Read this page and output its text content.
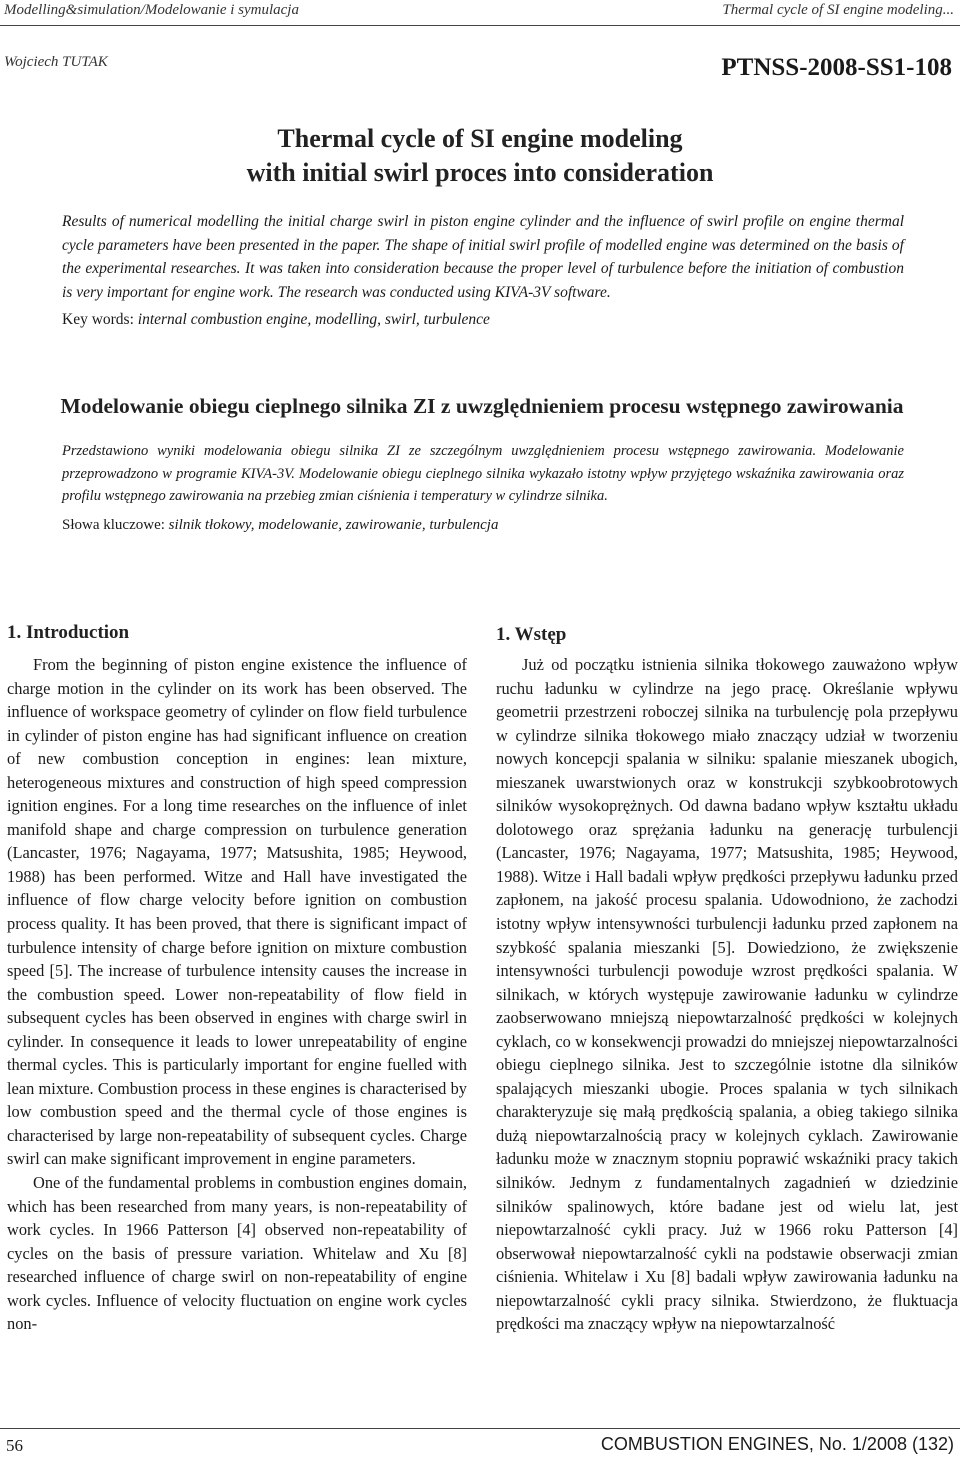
Modelling&simulation/Modelowanie i symulacja	Thermal cycle of SI engine modeling...
Wojciech TUTAK	PTNSS-2008-SS1-108
Thermal cycle of SI engine modeling
with initial swirl proces into consideration
Results of numerical modelling the initial charge swirl in piston engine cylinder and the influence of swirl profile on engine thermal cycle parameters have been presented in the paper. The shape of initial swirl profile of modelled engine was determined on the basis of the experimental researches. It was taken into consideration because the proper level of turbulence before the initiation of combustion is very important for engine work. The research was conducted using KIVA-3V software.
Key words: internal combustion engine, modelling, swirl, turbulence
Modelowanie obiegu cieplnego silnika ZI z uwzględnieniem procesu wstępnego zawirowania
Przedstawiono wyniki modelowania obiegu silnika ZI ze szczególnym uwzględnieniem procesu wstępnego zawirowania. Modelowanie przeprowadzono w programie KIVA-3V. Modelowanie obiegu cieplnego silnika wykazało istotny wpływ przyjętego wskaźnika zawirowania oraz profilu wstępnego zawirowania na przebieg zmian ciśnienia i temperatury w cylindrze silnika.
Słowa kluczowe: silnik tłokowy, modelowanie, zawirowanie, turbulencja
1. Introduction

From the beginning of piston engine existence the influence of charge motion in the cylinder on its work has been observed. The influence of workspace geometry of cylinder on flow field turbulence in cylinder of piston engine has had significant influence on creation of new combustion conception in engines: lean mixture, heterogeneous mixtures and construction of high speed compression ignition engines. For a long time researches on the influence of inlet manifold shape and charge compression on turbulence generation (Lancaster, 1976; Nagayama, 1977; Matsushita, 1985; Heywood, 1988) has been performed. Witze and Hall have investigated the influence of flow charge velocity before ignition on combustion process quality. It has been proved, that there is significant impact of turbulence intensity of charge before ignition on mixture combustion speed [5]. The increase of turbulence intensity causes the increase in the combustion speed. Lower non-repeatability of flow field in subsequent cycles has been observed in engines with charge swirl in cylinder. In consequence it leads to lower unrepeatability of engine thermal cycles. This is particularly important for engine fuelled with lean mixture. Combustion process in these engines is characterised by low combustion speed and the thermal cycle of those engines is characterised by large non-repeatability of subsequent cycles. Charge swirl can make significant improvement in engine parameters.

One of the fundamental problems in combustion engines domain, which has been researched from many years, is non-repeatability of work cycles. In 1966 Patterson [4] observed non-repeatability of cycles on the basis of pressure variation. Whitelaw and Xu [8] researched influence of charge swirl on non-repeatability of engine work cycles. Influence of velocity fluctuation on engine work cycles non-

1. Wstęp

Już od początku istnienia silnika tłokowego zauważono wpływ ruchu ładunku w cylindrze na jego pracę. Określanie wpływu geometrii przestrzeni roboczej silnika na turbulencję pola przepływu w cylindrze silnika tłokowego miało znaczący udział w tworzeniu nowych koncepcji spalania w silniku: spalanie mieszanek ubogich, mieszanek uwarstwionych oraz w konstrukcji szybkoobrotowych silników wysokoprężnych. Od dawna badano wpływ kształtu układu dolotowego oraz sprężania ładunku na generację turbulencji (Lancaster, 1976; Nagayama, 1977; Matsushita, 1985; Heywood, 1988). Witze i Hall badali wpływ prędkości przepływu ładunku przed zapłonem, na jakość procesu spalania. Udowodniono, że zachodzi istotny wpływ intensywności turbulencji ładunku przed zapłonem na szybkość spalania mieszanki [5]. Dowiedziono, że zwiększenie intensywności turbulencji powoduje wzrost prędkości spalania. W silnikach, w których występuje zawirowanie ładunku w cylindrze zaobserwowano mniejszą niepowtarzalność prędkości w kolejnych cyklach, co w konsekwencji prowadzi do mniejszej niepowtarzalności obiegu cieplnego silnika. Jest to szczególnie istotne dla silników spalających mieszanki ubogie. Proces spalania w tych silnikach charakteryzuje się małą prędkością spalania, a obieg takiego silnika dużą niepowtarzalnością pracy w kolejnych cyklach. Zawirowanie ładunku może w znacznym stopniu poprawić wskaźniki pracy takich silników. Jednym z fundamentalnych zagadnień w dziedzinie silników spalinowych, które badane jest od wielu lat, jest niepowtarzalność cykli pracy. Już w 1966 roku Patterson [4] obserwował niepowtarzalność cykli na podstawie obserwacji zmian ciśnienia. Whitelaw i Xu [8] badali wpływ zawirowania ładunku na niepowtarzalność cykli pracy silnika. Stwierdzono, że fluktuacja prędkości ma znaczący wpływ na niepowtarzalność

56	COMBUSTION ENGINES, No. 1/2008 (132)
